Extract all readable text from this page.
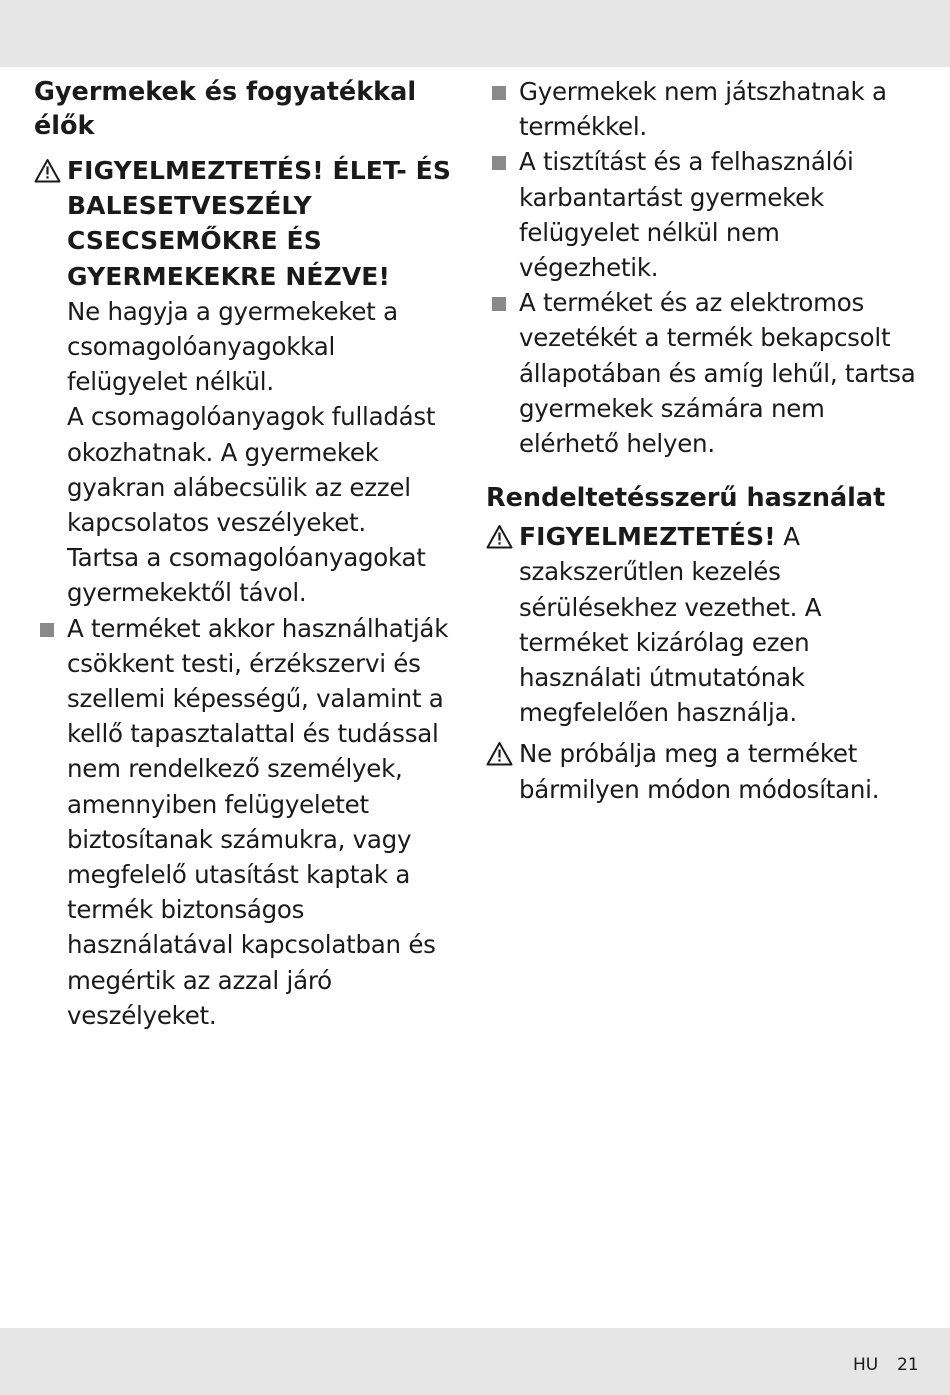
Gyermekek és fogyatékkal élők
FIGYELMEZTETÉS! ÉLET- ÉS BALESETVESZÉLY CSECSEMŐKRE ÉS GYERMEKEKRE NÉZVE!

Ne hagyja a gyermekeket a csomagolóanyagokkal felügyelet nélkül.

A csomagolóanyagok fulladást okozhatnak. A gyermekek gyakran alábecsülik az ezzel kapcsolatos veszélyeket.

Tartsa a csomagolóanyagokat gyermekektől távol.

A terméket akkor használhatják csökkent testi, érzékszervi és szellemi képességű, valamint a kellő tapasztalattal és tudással nem rendelkező személyek, amennyiben felügyeletet biztosítanak számukra, vagy megfelelő utasítást kaptak a termék biztonságos használatával kapcsolatban és megértik az azzal járó veszélyeket.
Gyermekek nem játszhatnak a termékkel.
A tisztítást és a felhasználói karbantartást gyermekek felügyelet nélkül nem végezhetik.
A terméket és az elektromos vezetékét a termék bekapcsolt állapotában és amíg lehűl, tartsa gyermekek számára nem elérhető helyen.
Rendeltetésszerű használat
FIGYELMEZTETÉS! A szakszerűtlen kezelés sérülésekhez vezethet. A terméket kizárólag ezen használati útmutatónak megfelelően használja.
Ne próbálja meg a terméket bármilyen módon módosítani.
HU 21
